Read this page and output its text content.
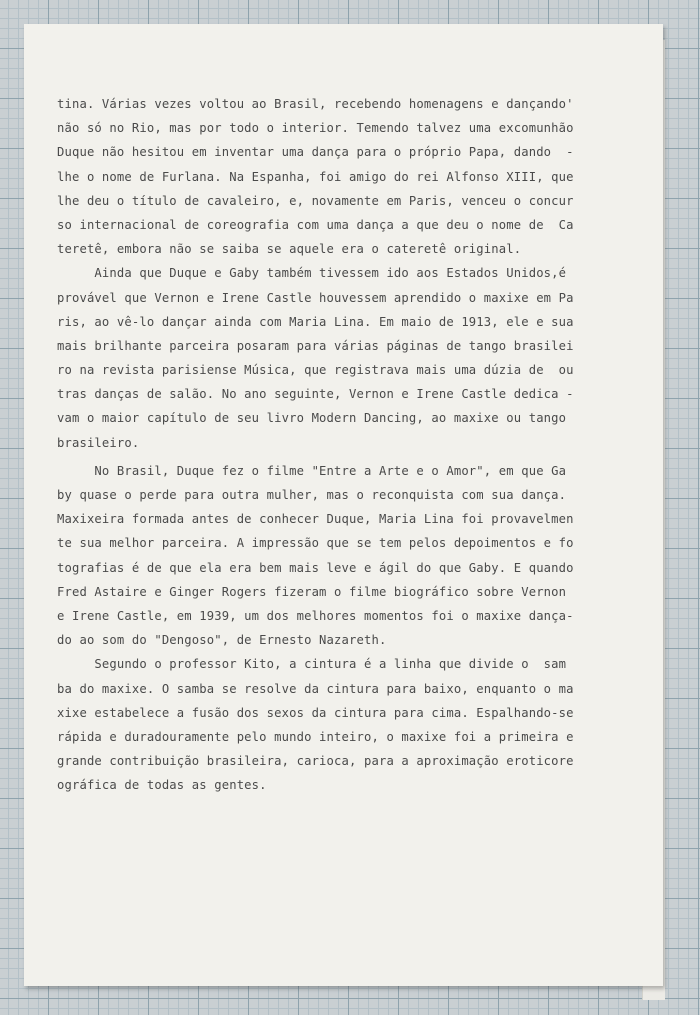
tina. Várias vezes voltou ao Brasil, recebendo homenagens e dançando'
não só no Rio, mas por todo o interior. Temendo talvez uma excomunhão
Duque não hesitou em inventar uma dança para o próprio Papa, dando  -
lhe o nome de Furlana. Na Espanha, foi amigo do rei Alfonso XIII, que
lhe deu o título de cavaleiro, e, novamente em Paris, venceu o concur
so internacional de coreografia com uma dança a que deu o nome de  Ca
teretê, embora não se saiba se aquele era o cateretê original.
Ainda que Duque e Gaby também tivessem ido aos Estados Unidos,é
provável que Vernon e Irene Castle houvessem aprendido o maxixe em Pa
ris, ao vê-lo dançar ainda com Maria Lina. Em maio de 1913, ele e sua
mais brilhante parceira posaram para várias páginas de tango brasilei
ro na revista parisiense Música, que registrava mais uma dúzia de  ou
tras danças de salão. No ano seguinte, Vernon e Irene Castle dedica -
vam o maior capítulo de seu livro Modern Dancing, ao maxixe ou tango
brasileiro.
No Brasil, Duque fez o filme "Entre a Arte e o Amor", em que Ga
by quase o perde para outra mulher, mas o reconquista com sua dança.
Maxixeira formada antes de conhecer Duque, Maria Lina foi provavelmen
te sua melhor parceira. A impressão que se tem pelos depoimentos e fo
tografias é de que ela era bem mais leve e ágil do que Gaby. E quando
Fred Astaire e Ginger Rogers fizeram o filme biográfico sobre Vernon
e Irene Castle, em 1939, um dos melhores momentos foi o maxixe dança-
do ao som do "Dengoso", de Ernesto Nazareth.
Segundo o professor Kito, a cintura é a linha que divide o  sam
ba do maxixe. O samba se resolve da cintura para baixo, enquanto o ma
xixe estabelece a fusão dos sexos da cintura para cima. Espalhando-se
rápida e duradouramente pelo mundo inteiro, o maxixe foi a primeira e
grande contribuição brasileira, carioca, para a aproximação eroticore
ográfica de todas as gentes.
